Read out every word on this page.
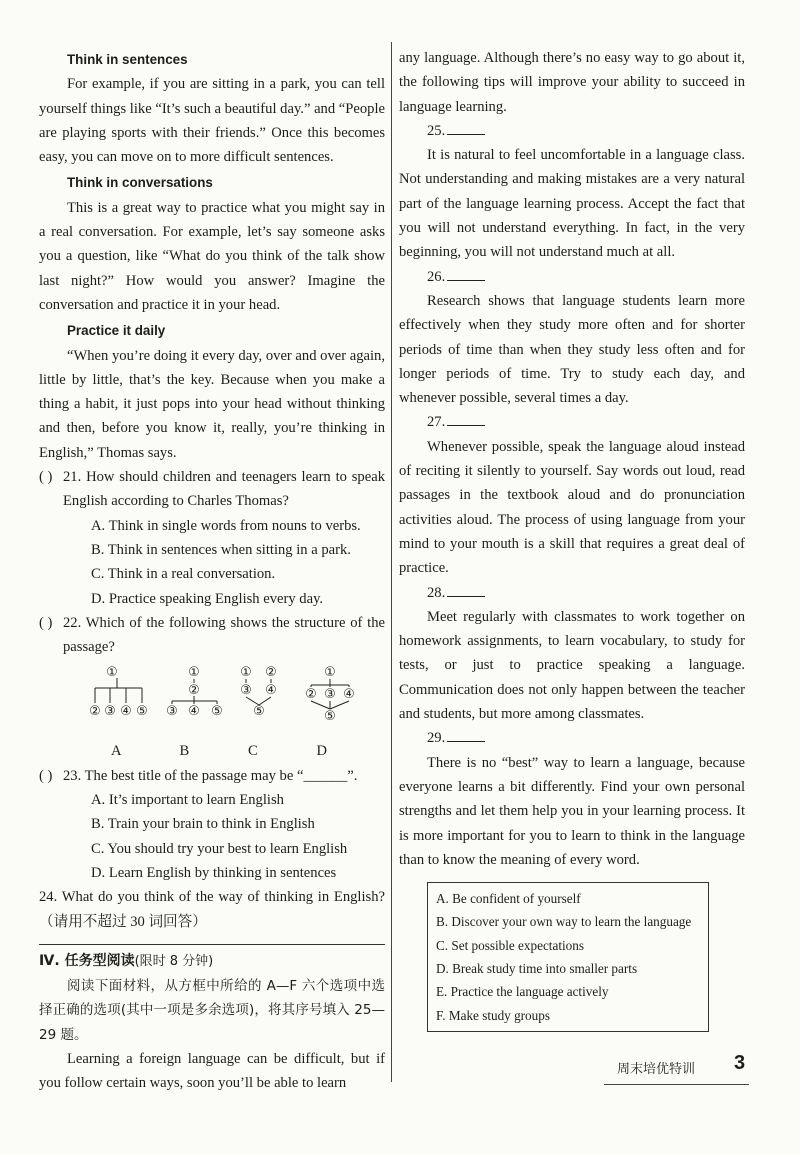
Think in sentences

For example, if you are sitting in a park, you can tell yourself things like “It’s such a beautiful day.” and “People are playing sports with their friends.” Once this becomes easy, you can move on to more difficult sentences.

Think in conversations

This is a great way to practice what you might say in a real conversation. For example, let’s say someone asks you a question, like “What do you think of the talk show last night?” How would you answer? Imagine the conversation and practice it in your head.

Practice it daily

“When you’re doing it every day, over and over again, little by little, that’s the key. Because when you make a thing a habit, it just pops into your head without thinking and then, before you know it, really, you’re thinking in English,” Thomas says.

( ) 21. How should children and teenagers learn to speak English according to Charles Thomas?

A. Think in single words from nouns to verbs.
B. Think in sentences when sitting in a park.
C. Think in a real conversation.
D. Practice speaking English every day.
( ) 22. Which of the following shows the structure of the passage?

①
② ③ ④ ⑤
①
②
③ ④ ⑤
① ②
③ ④
⑤
①
② ③ ④
⑤
A	B	C	D
( ) 23. The best title of the passage may be “______”.

A. It’s important to learn English
B. Train your brain to think in English
C. You should try your best to learn English
D. Learn English by thinking in sentences

24. What do you think of the way of thinking in English?（请用不超过 30 词回答）

Ⅳ. 任务型阅读(限时 8 分钟)

阅读下面材料，从方框中所给的 A—F 六个选项中选择正确的选项(其中一项是多余选项)，将其序号填入 25—29 题。

Learning a foreign language can be difficult, but if you follow certain ways, soon you’ll be able to learn

any language. Although there’s no easy way to go about it, the following tips will improve your ability to succeed in language learning.

25.

It is natural to feel uncomfortable in a language class. Not understanding and making mistakes are a very natural part of the language learning process. Accept the fact that you will not understand everything. In fact, in the very beginning, you will not understand much at all.

26.

Research shows that language students learn more effectively when they study more often and for shorter periods of time than when they study less often and for longer periods of time. Try to study each day, and whenever possible, several times a day.

27.

Whenever possible, speak the language aloud instead of reciting it silently to yourself. Say words out loud, read passages in the textbook aloud and do pronunciation activities aloud. The process of using language from your mind to your mouth is a skill that requires a great deal of practice.

28.

Meet regularly with classmates to work together on homework assignments, to learn vocabulary, to study for tests, or just to practice speaking a language. Communication does not only happen between the teacher and students, but more among classmates.

29.

There is no “best” way to learn a language, because everyone learns a bit differently. Find your own personal strengths and let them help you in your learning process. It is more important for you to learn to think in the language than to know the meaning of every word.

A. Be confident of yourself
B. Discover your own way to learn the language
C. Set possible expectations
D. Break study time into smaller parts
E. Practice the language actively
F. Make study groups
周末培优特训 3
